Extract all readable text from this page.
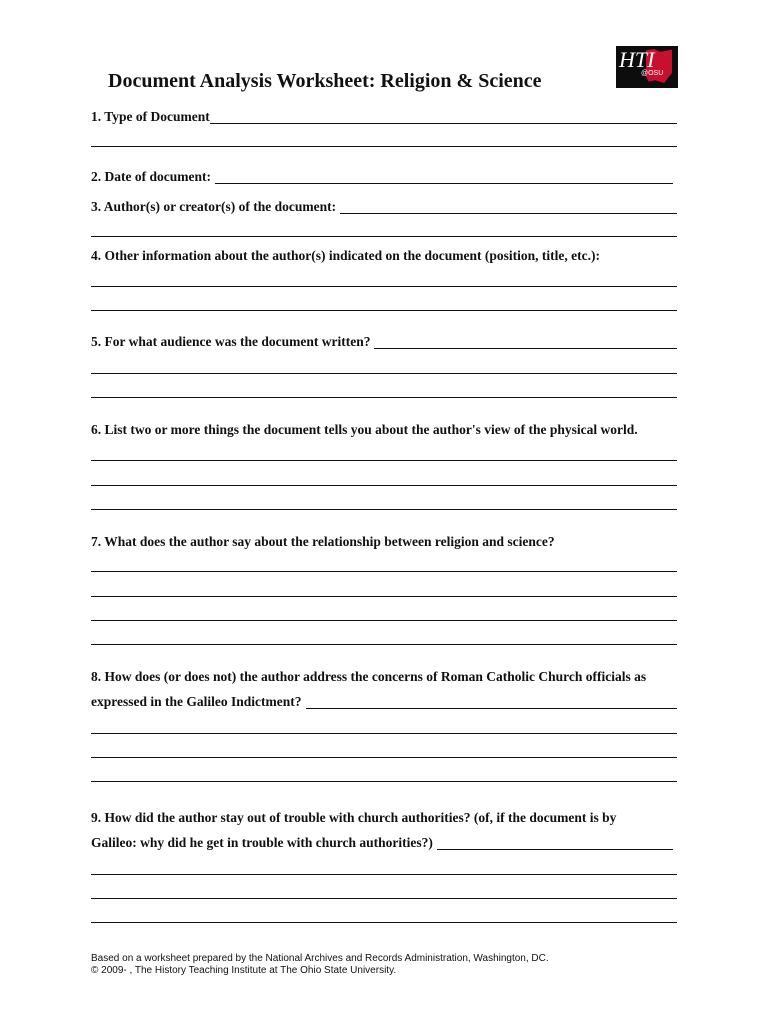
HTI
@OSU
Document Analysis Worksheet: Religion & Science
1. Type of Document
2. Date of document:
3. Author(s) or creator(s) of the document:
4. Other information about the author(s) indicated on the document (position, title, etc.):
5. For what audience was the document written?
6. List two or more things the document tells you about the author's view of the physical world.
7. What does the author say about the relationship between religion and science?
8. How does (or does not) the author address the concerns of Roman Catholic Church officials as
expressed in the Galileo Indictment?
9. How did the author stay out of trouble with church authorities? (of, if the document is by
Galileo: why did he get in trouble with church authorities?)
Based on a worksheet prepared by the National Archives and Records Administration, Washington, DC.
© 2009- , The History Teaching Institute at The Ohio State University.
